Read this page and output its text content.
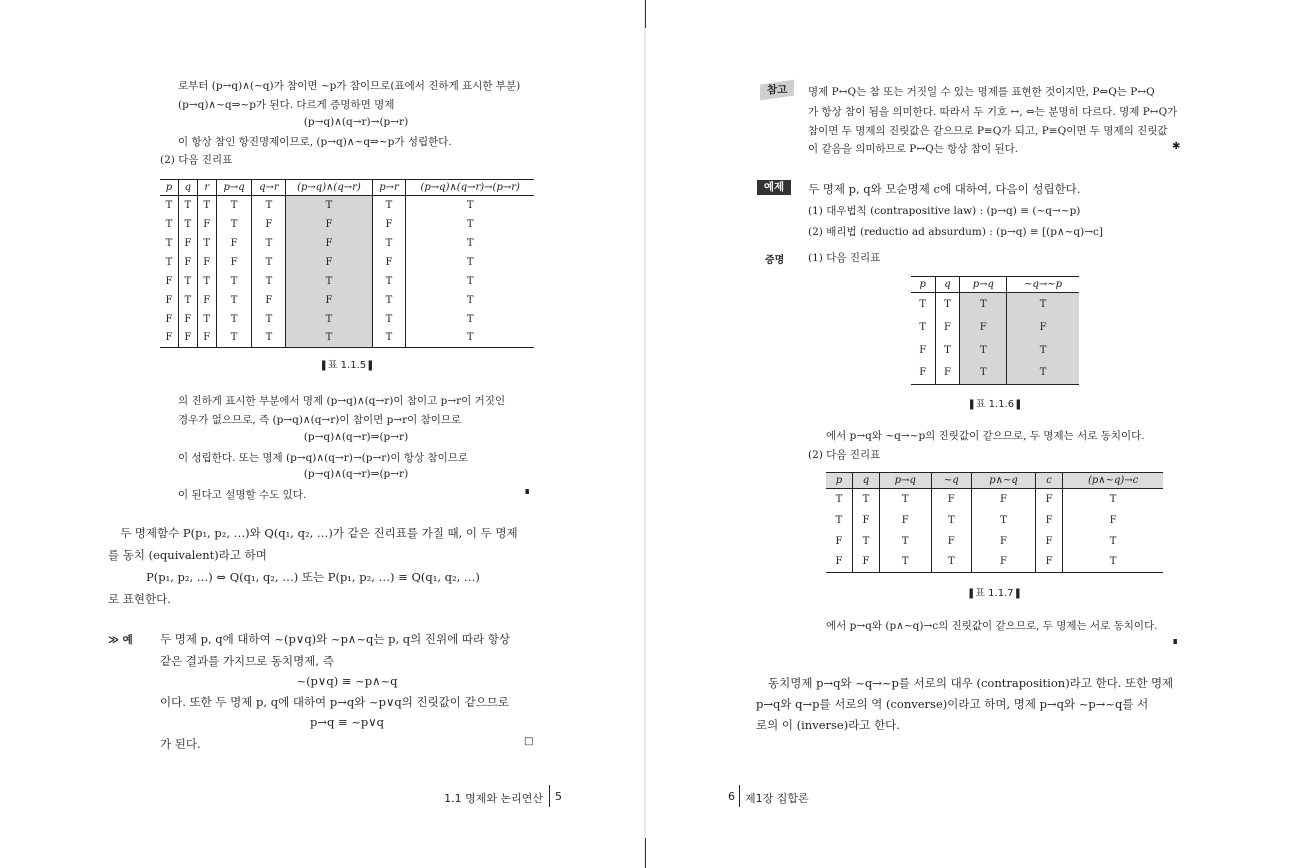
로부터 (p→q)∧(~q)가 참이면 ~p가 참이므로(표에서 진하게 표시한 부분)
(p→q)∧~q⇒~p가 된다. 다르게 증명하면 명제
(p→q)∧(q→r)→(p→r)
이 항상 참인 항진명제이므로, (p→q)∧~q⇒~p가 성립한다.
(2) 다음 진리표
p	q	r	p→q	q→r	(p→q)∧(q→r)	p→r	(p→q)∧(q→r)→(p→r)
T	T	T	T	T	T	T	T
T	T	F	T	F	F	F	T
T	F	T	F	T	F	T	T
T	F	F	F	T	F	F	T
F	T	T	T	T	T	T	T
F	T	F	T	F	F	T	T
F	F	T	T	T	T	T	T
F	F	F	T	T	T	T	T
❚표 1.1.5❚
의 진하게 표시한 부분에서 명제 (p→q)∧(q→r)이 참이고 p→r이 거짓인
경우가 없으므로, 즉 (p→q)∧(q→r)이 참이면 p→r이 참이므로
(p→q)∧(q→r)⇒(p→r)
이 성립한다. 또는 명제 (p→q)∧(q→r)→(p→r)이 항상 참이므로
(p→q)∧(q→r)⇒(p→r)
이 된다고 설명할 수도 있다.	∎
두 명제함수 P(p₁, p₂, …)와 Q(q₁, q₂, …)가 같은 진리표를 가질 때, 이 두 명제
를 동치 (equivalent)라고 하며
P(p₁, p₂, …) ⇔ Q(q₁, q₂, …) 또는 P(p₁, p₂, …) ≡ Q(q₁, q₂, …)
로 표현한다.
≫ 예 두 명제 p, q에 대하여 ~(p∨q)와 ~p∧~q는 p, q의 진위에 따라 항상
같은 결과를 가지므로 동치명제, 즉
~(p∨q) ≡ ~p∧~q
이다. 또한 두 명제 p, q에 대하여 p→q와 ~p∨q의 진릿값이 같으므로
p→q ≡ ~p∨q
가 된다.	□
1.1 명제와 논리연산 5
참고	명제 P↔Q는 참 또는 거짓일 수 있는 명제를 표현한 것이지만, P⇔Q는 P↔Q
가 항상 참이 됨을 의미한다. 따라서 두 기호 ↔, ⇔는 분명히 다르다. 명제 P↔Q가
참이면 두 명제의 진릿값은 같으므로 P≡Q가 되고, P≡Q이면 두 명제의 진릿값
이 같음을 의미하므로 P↔Q는 항상 참이 된다.	✱
예제	두 명제 p, q와 모순명제 c에 대하여, 다음이 성립한다.
(1) 대우법칙 (contrapositive law) : (p→q) ≡ (~q→~p)
(2) 배리법 (reductio ad absurdum) : (p→q) ≡ [(p∧~q)→c]
증명 (1) 다음 진리표
p	q	p→q	~q→~p
T	T	T	T
T	F	F	F
F	T	T	T
F	F	T	T
❚표 1.1.6❚
에서 p→q와 ~q→~p의 진릿값이 같으므로, 두 명제는 서로 동치이다.
(2) 다음 진리표
p	q	p→q	~q	p∧~q	c	(p∧~q)→c
T	T	T	F	F	F	T
T	F	F	T	T	F	F
F	T	T	F	F	F	T
F	F	T	T	F	F	T
❚표 1.1.7❚
에서 p→q와 (p∧~q)→c의 진릿값이 같으므로, 두 명제는 서로 동치이다.
∎
동치명제 p→q와 ~q→~p를 서로의 대우 (contraposition)라고 한다. 또한 명제
p→q와 q→p를 서로의 역 (converse)이라고 하며, 명제 p→q와 ~p→~q를 서
로의 이 (inverse)라고 한다.
6 제1장 집합론
